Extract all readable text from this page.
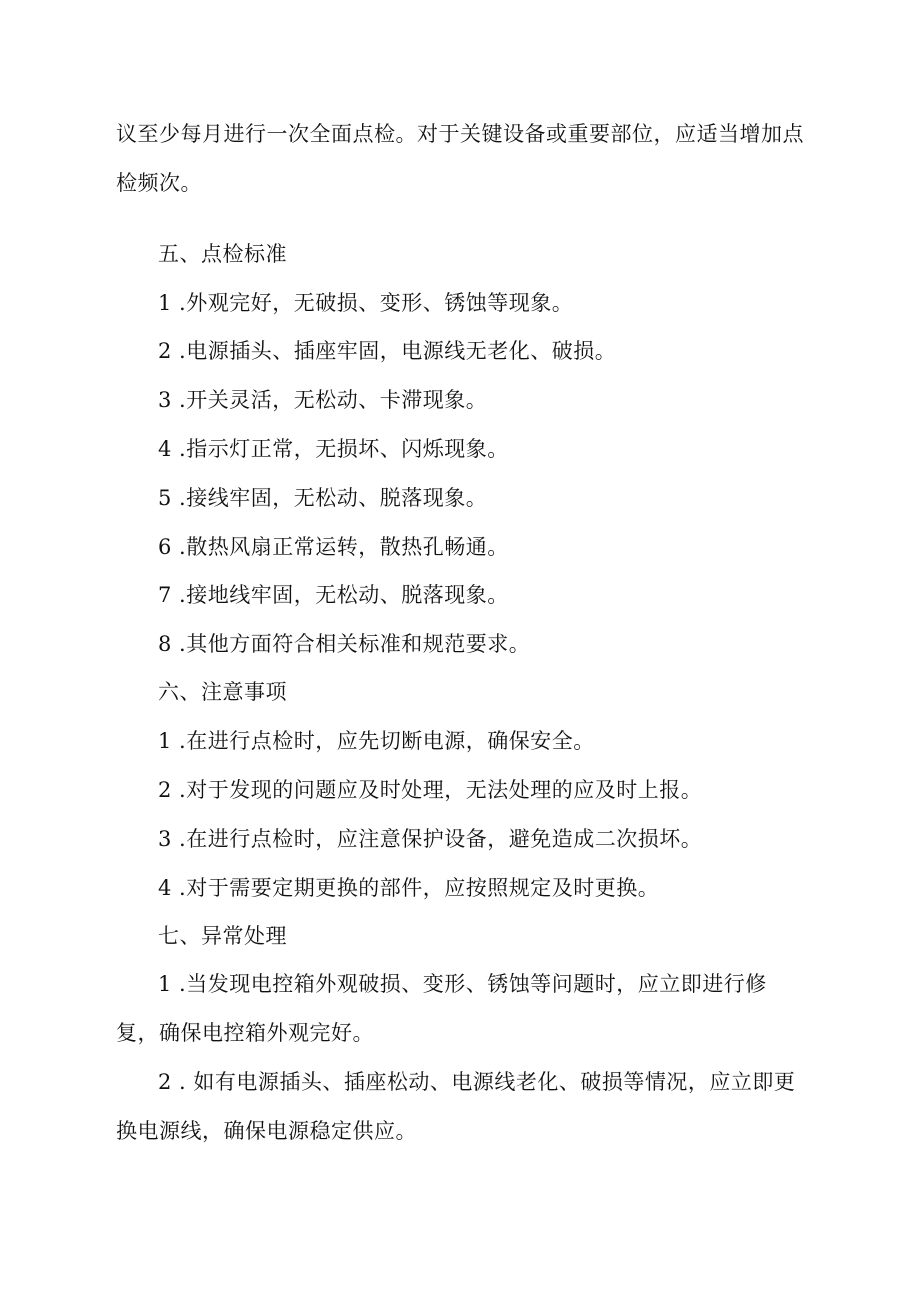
议至少每月进行一次全面点检。对于关键设备或重要部位，应适当增加点
检频次。
五、点检标准
1 .外观完好，无破损、变形、锈蚀等现象。
2 .电源插头、插座牢固，电源线无老化、破损。
3 .开关灵活，无松动、卡滞现象。
4 .指示灯正常，无损坏、闪烁现象。
5 .接线牢固，无松动、脱落现象。
6 .散热风扇正常运转，散热孔畅通。
7 .接地线牢固，无松动、脱落现象。
8 .其他方面符合相关标准和规范要求。
六、注意事项
1 .在进行点检时，应先切断电源，确保安全。
2 .对于发现的问题应及时处理，无法处理的应及时上报。
3 .在进行点检时，应注意保护设备，避免造成二次损坏。
4 .对于需要定期更换的部件，应按照规定及时更换。
七、异常处理
1 .当发现电控箱外观破损、变形、锈蚀等问题时，应立即进行修
复，确保电控箱外观完好。
2 . 如有电源插头、插座松动、电源线老化、破损等情况，应立即更
换电源线，确保电源稳定供应。
